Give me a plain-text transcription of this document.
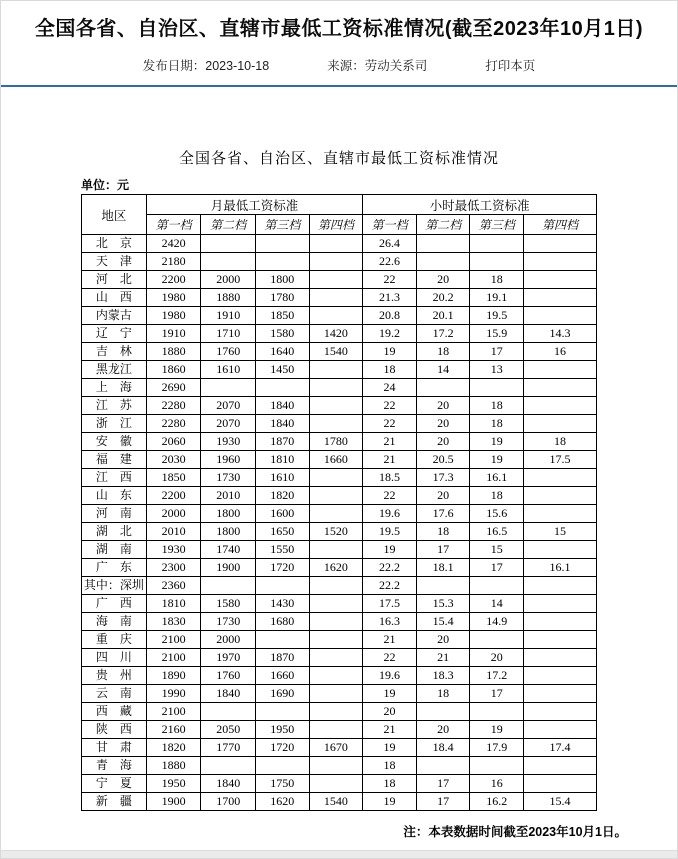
全国各省、自治区、直辖市最低工资标准情况(截至2023年10月1日)
发布日期：2023-10-18	来源：劳动关系司	打印本页
全国各省、自治区、直辖市最低工资标准情况
单位：元
地区	月最低工资标准				小时最低工资标准			
	第一档	第二档	第三档	第四档	第一档	第二档	第三档	第四档
北　京	2420				26.4			
天　津	2180				22.6			
河　北	2200	2000	1800		22	20	18	
山　西	1980	1880	1780		21.3	20.2	19.1	
内蒙古	1980	1910	1850		20.8	20.1	19.5	
辽　宁	1910	1710	1580	1420	19.2	17.2	15.9	14.3
吉　林	1880	1760	1640	1540	19	18	17	16
黑龙江	1860	1610	1450		18	14	13	
上　海	2690				24			
江　苏	2280	2070	1840		22	20	18	
浙　江	2280	2070	1840		22	20	18	
安　徽	2060	1930	1870	1780	21	20	19	18
福　建	2030	1960	1810	1660	21	20.5	19	17.5
江　西	1850	1730	1610		18.5	17.3	16.1	
山　东	2200	2010	1820		22	20	18	
河　南	2000	1800	1600		19.6	17.6	15.6	
湖　北	2010	1800	1650	1520	19.5	18	16.5	15
湖　南	1930	1740	1550		19	17	15	
广　东	2300	1900	1720	1620	22.2	18.1	17	16.1
其中：深圳	2360				22.2			
广　西	1810	1580	1430		17.5	15.3	14	
海　南	1830	1730	1680		16.3	15.4	14.9	
重　庆	2100	2000			21	20		
四　川	2100	1970	1870		22	21	20	
贵　州	1890	1760	1660		19.6	18.3	17.2	
云　南	1990	1840	1690		19	18	17	
西　藏	2100				20			
陕　西	2160	2050	1950		21	20	19	
甘　肃	1820	1770	1720	1670	19	18.4	17.9	17.4
青　海	1880				18			
宁　夏	1950	1840	1750		18	17	16	
新　疆	1900	1700	1620	1540	19	17	16.2	15.4
注：本表数据时间截至2023年10月1日。
